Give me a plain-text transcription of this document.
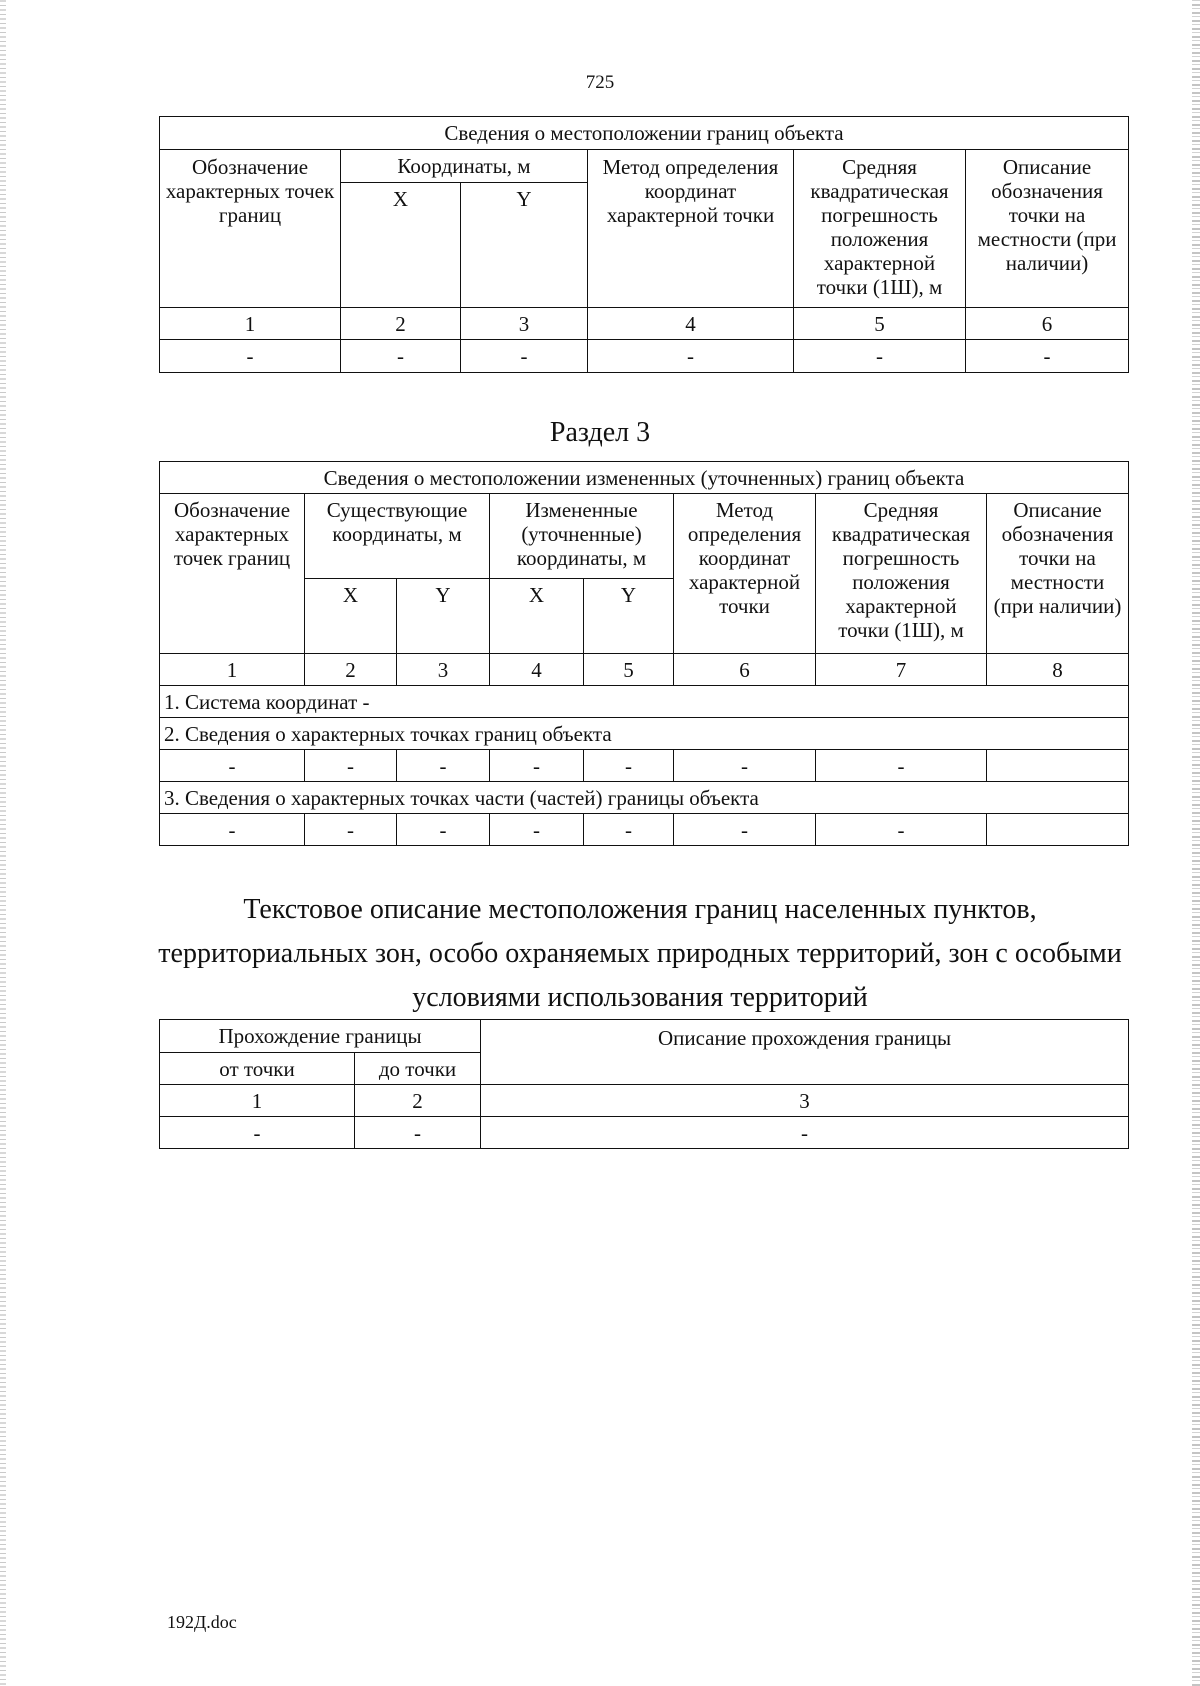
725
Сведения о местоположении границ объекта					
Обозначение характерных точек границ	Координаты, м		Метод определения координат характерной точки	Средняя квадратическая погрешность положения характерной точки (1Ш), м	Описание обозначения точки на местности (при наличии)
	X	Y			
1	2	3	4	5	6
-	-	-	-	-	-
Раздел 3
Сведения о местоположении измененных (уточненных) границ объекта							
Обозначение характерных точек границ	Существующие координаты, м		Измененные (уточненные) координаты, м		Метод определения координат характерной точки	Средняя квадратическая погрешность положения характерной точки (1Ш), м	Описание обозначения точки на местности (при наличии)
	X	Y	X	Y			
1	2	3	4	5	6	7	8
1. Система координат -							
2. Сведения о характерных точках границ объекта							
-	-	-	-	-	-	-	
3. Сведения о характерных точках части (частей) границы объекта							
-	-	-	-	-	-	-	
Текстовое описание местоположения границ населенных пунктов, территориальных зон, особо охраняемых природных территорий, зон с особыми условиями использования территорий
Прохождение границы		Описание прохождения границы
от точки	до точки	
1	2	3
-	-	-
192Д.doc
